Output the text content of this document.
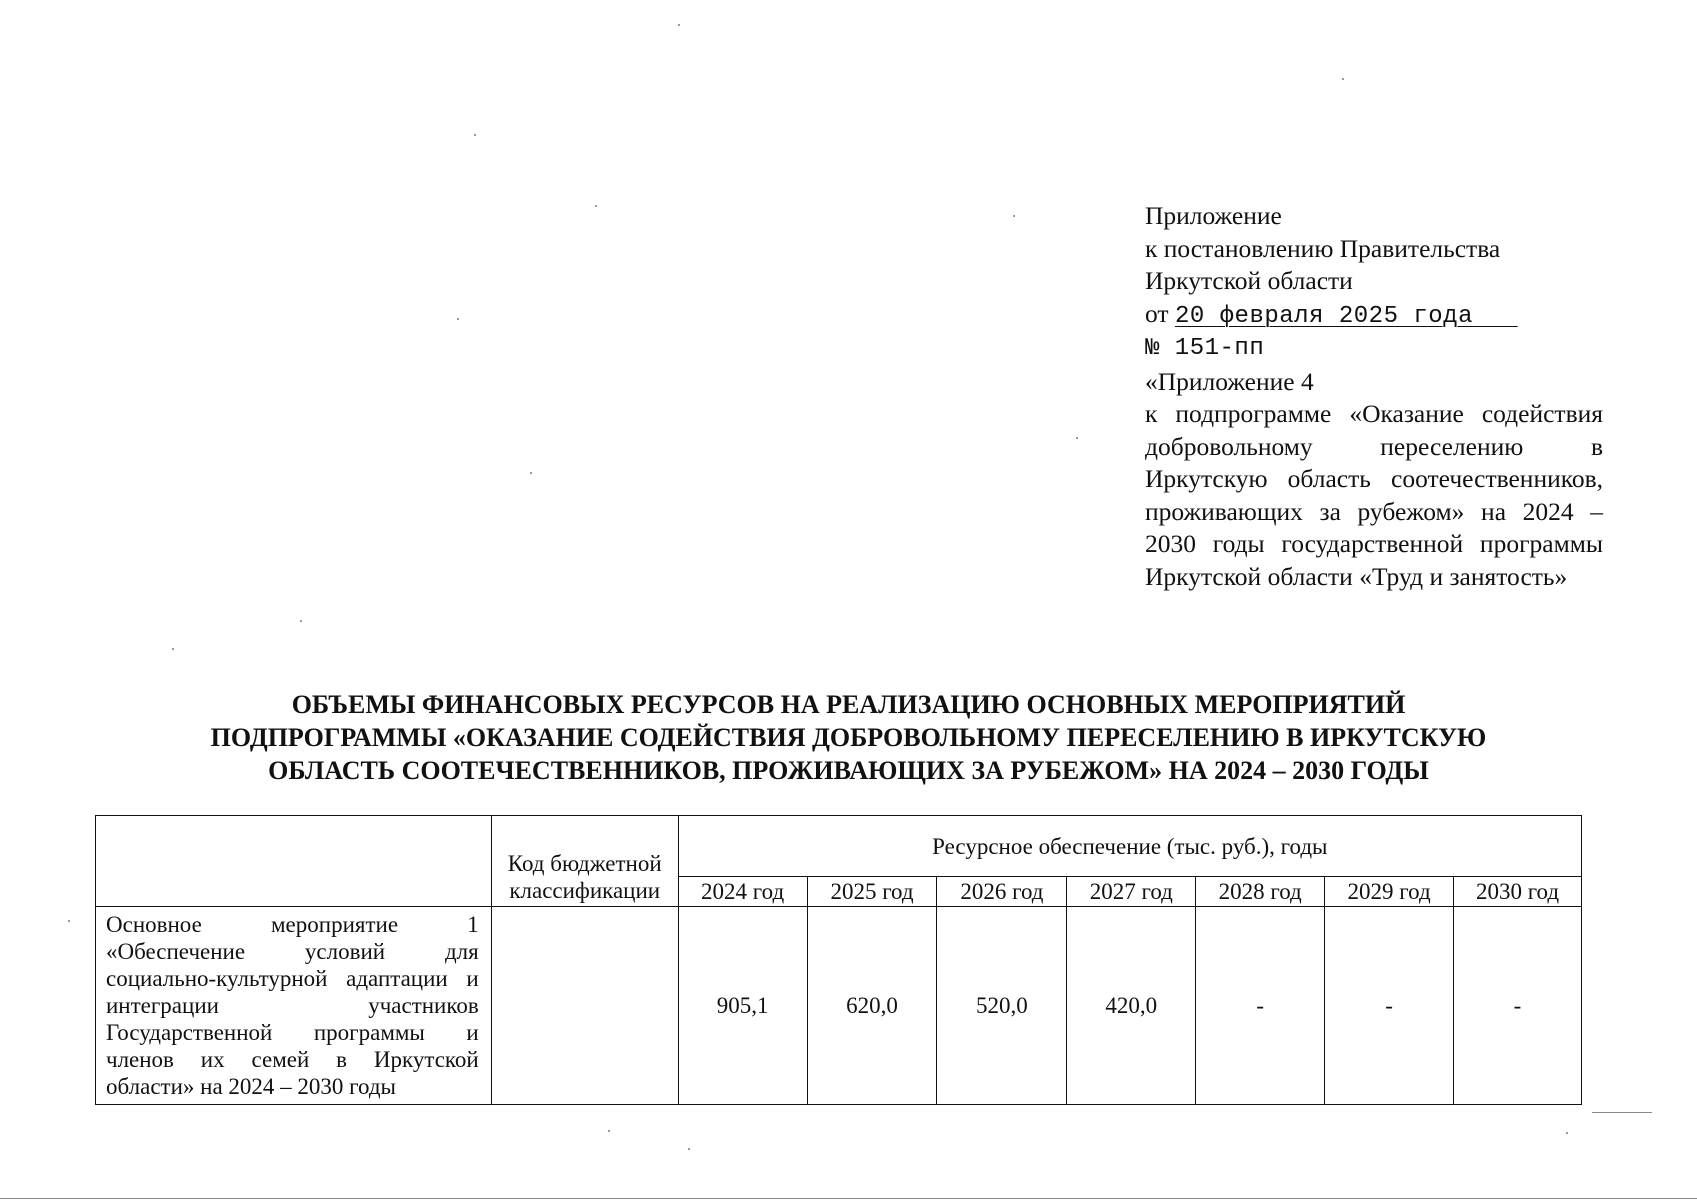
Приложение
к постановлению Правительства
Иркутской области
от 20 февраля 2025 года
№ 151-пп
«Приложение 4
к подпрограмме «Оказание содействия добровольному переселению в Иркутскую область соотечественников, проживающих за рубежом» на 2024 – 2030 годы государственной программы Иркутской области «Труд и занятость»
ОБЪЕМЫ ФИНАНСОВЫХ РЕСУРСОВ НА РЕАЛИЗАЦИЮ ОСНОВНЫХ МЕРОПРИЯТИЙ
ПОДПРОГРАММЫ «ОКАЗАНИЕ СОДЕЙСТВИЯ ДОБРОВОЛЬНОМУ ПЕРЕСЕЛЕНИЮ В ИРКУТСКУЮ
ОБЛАСТЬ СООТЕЧЕСТВЕННИКОВ, ПРОЖИВАЮЩИХ ЗА РУБЕЖОМ» НА 2024 – 2030 ГОДЫ
	Код бюджетной классификации	Ресурсное обеспечение (тыс. руб.), годы						
		2024 год	2025 год	2026 год	2027 год	2028 год	2029 год	2030 год
Основное мероприятие 1 «Обеспечение условий для социально-культурной адаптации и интеграции участников Государственной программы и членов их семей в Иркутской области» на 2024 – 2030 годы		905,1	620,0	520,0	420,0	-	-	-
